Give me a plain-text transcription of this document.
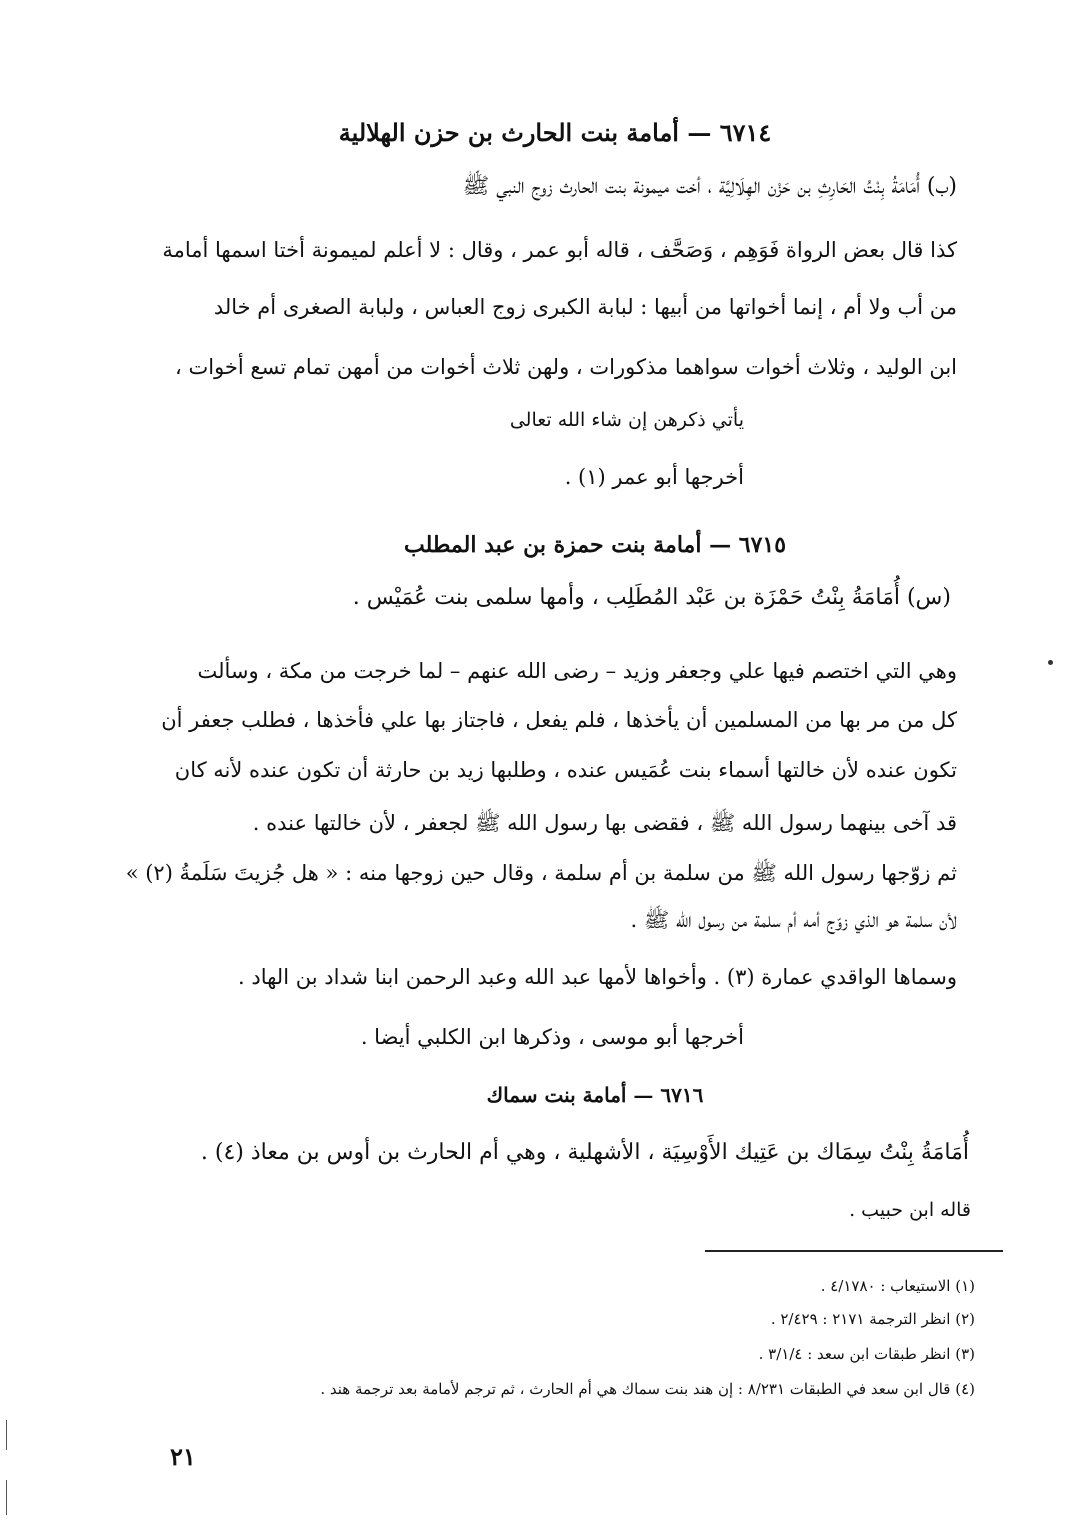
٦٧١٤ — أمامة بنت الحارث بن حزن الهلالية
(ب) أُمَامَةُ بِنْتُ الحَارِثِ بن حَزْن الهِلَالِيَّة ، أخت ميمونة بنت الحارث زوج النبي ﷺ
كذا قال بعض الرواة فَوَهِم ، وَصَحَّف ، قاله أبو عمر ، وقال : لا أعلم لميمونة أختا اسمها أمامة
من أب ولا أم ، إنما أخواتها من أبيها : لبابة الكبرى زوج العباس ، ولبابة الصغرى أم خالد
ابن الوليد ، وثلاث أخوات سواهما مذكورات ، ولهن ثلاث أخوات من أمهن تمام تسع أخوات ،
يأتي ذكرهن إن شاء الله تعالى
أخرجها أبو عمر (١) .
٦٧١٥ — أمامة بنت حمزة بن عبد المطلب
(س) أُمَامَةُ بِنْتُ حَمْزَة بن عَبْد المُطَلِب ، وأمها سلمى بنت عُمَيْس .
وهي التي اختصم فيها علي وجعفر وزيد – رضى الله عنهم – لما خرجت من مكة ، وسألت
كل من مر بها من المسلمين أن يأخذها ، فلم يفعل ، فاجتاز بها علي فأخذها ، فطلب جعفر أن
تكون عنده لأن خالتها أسماء بنت عُمَيس عنده ، وطلبها زيد بن حارثة أن تكون عنده لأنه كان
قد آخى بينهما رسول الله ﷺ ، فقضى بها رسول الله ﷺ لجعفر ، لأن خالتها عنده .
ثم زوّجها رسول الله ﷺ من سلمة بن أم سلمة ، وقال حين زوجها منه : « هل جُزيتَ سَلَمةُ (٢) »
لأن سلمة هو الذي زوّج أمه أم سلمة من رسول الله ﷺ .
وسماها الواقدي عمارة (٣) . وأخواها لأمها عبد الله وعبد الرحمن ابنا شداد بن الهاد .
أخرجها أبو موسى ، وذكرها ابن الكلبي أيضا .
٦٧١٦ — أمامة بنت سماك
أُمَامَةُ بِنْتُ سِمَاك بن عَتِيك الأَوْسِيَة ، الأشهلية ، وهي أم الحارث بن أوس بن معاذ (٤) .
قاله ابن حبيب .
(١) الاستيعاب : ٤/١٧٨٠ .
(٢) انظر الترجمة ٢١٧١ : ٢/٤٢٩ .
(٣) انظر طبقات ابن سعد : ٣/١/٤ .
(٤) قال ابن سعد في الطبقات ٨/٢٣١ : إن هند بنت سماك هي أم الحارث ، ثم ترجم لأمامة بعد ترجمة هند .
٢١
